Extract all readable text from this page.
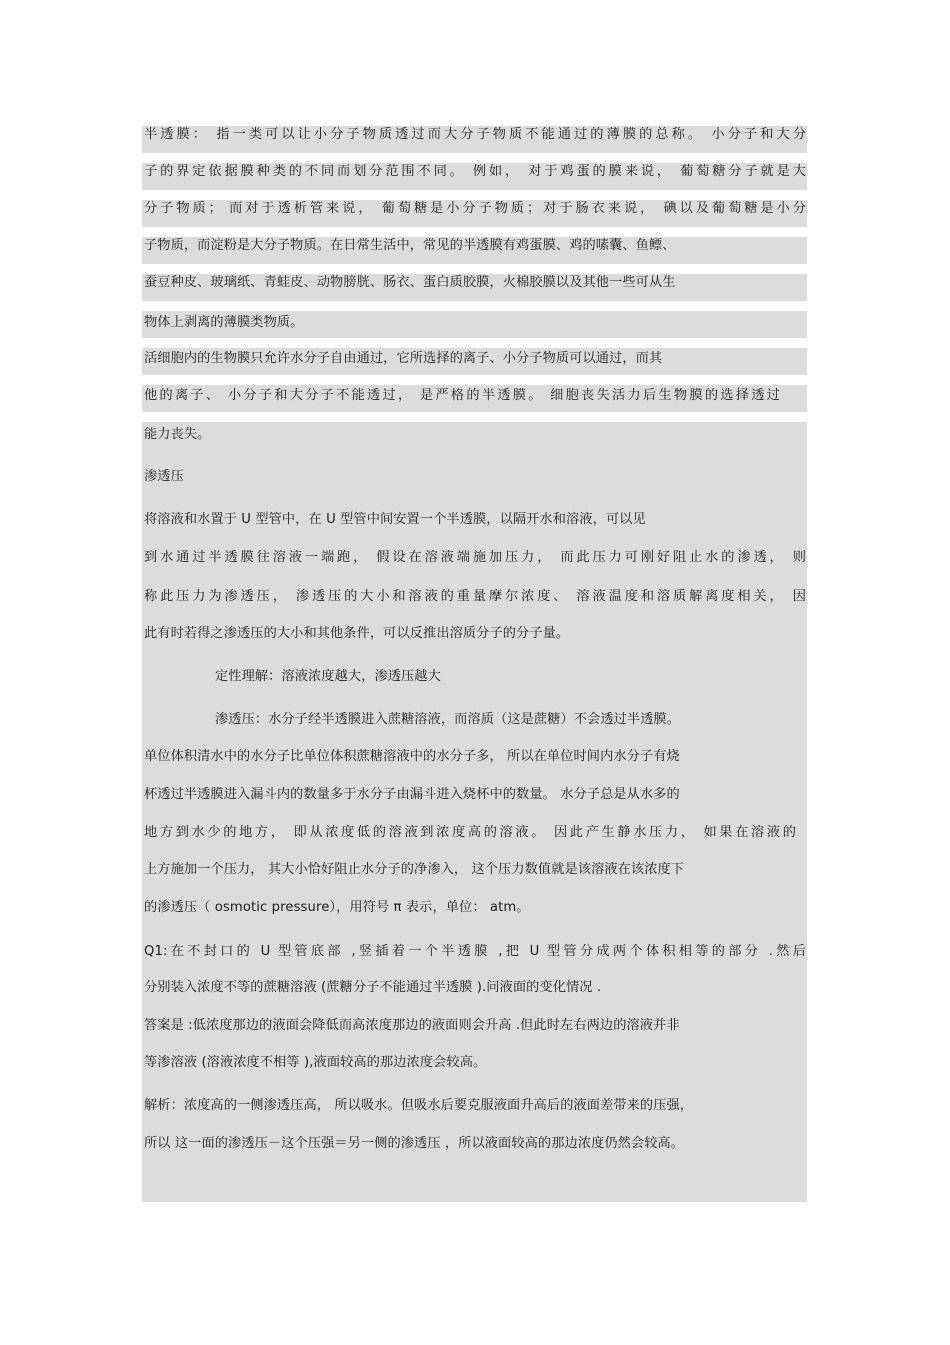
半透膜： 指一类可以让小分子物质透过而大分子物质不能通过的薄膜的总称。 小分子和大分
子的界定依据膜种类的不同而划分范围不同。 例如， 对于鸡蛋的膜来说， 葡萄糖分子就是大
分子物质； 而对于透析管来说， 葡萄糖是小分子物质；对于肠衣来说， 碘以及葡萄糖是小分
子物质，而淀粉是大分子物质。在日常生活中，常见的半透膜有鸡蛋膜、鸡的嗉囊、鱼鳔、
蚕豆种皮、玻璃纸、青蛙皮、动物膀胱、肠衣、蛋白质胶膜，火棉胶膜以及其他一些可从生
物体上剥离的薄膜类物质。
活细胞内的生物膜只允许水分子自由通过，它所选择的离子、小分子物质可以通过，而其
他的离子、 小分子和大分子不能透过， 是严格的半透膜。 细胞丧失活力后生物膜的选择透过
能力丧失。
渗透压
将溶液和水置于 U 型管中，在 U 型管中间安置一个半透膜，以隔开水和溶液，可以见
到水通过半透膜往溶液一端跑， 假设在溶液端施加压力， 而此压力可刚好阻止水的渗透， 则
称此压力为渗透压， 渗透压的大小和溶液的重量摩尔浓度、 溶液温度和溶质解离度相关， 因
此有时若得之渗透压的大小和其他条件，可以反推出溶质分子的分子量。
定性理解：溶液浓度越大，渗透压越大
渗透压：水分子经半透膜进入蔗糖溶液，而溶质（这是蔗糖）不会透过半透膜。
单位体积清水中的水分子比单位体积蔗糖溶液中的水分子多， 所以在单位时间内水分子有烧
杯透过半透膜进入漏斗内的数量多于水分子由漏斗进入烧杯中的数量。 水分子总是从水多的
地方到水少的地方， 即从浓度低的溶液到浓度高的溶液。 因此产生静水压力， 如果在溶液的
上方施加一个压力， 其大小恰好阻止水分子的净渗入， 这个压力数值就是该溶液在该浓度下
的渗透压（ osmotic pressure），用符号 π 表示，单位： atm。
Q1:在不封口的 U 型管底部 ,竖插着一个半透膜 ,把 U 型管分成两个体积相等的部分 .然后
分别装入浓度不等的蔗糖溶液 (蔗糖分子不能通过半透膜 ).问液面的变化情况 .
答案是 :低浓度那边的液面会降低而高浓度那边的液面则会升高 .但此时左右两边的溶液并非
等渗溶液 (溶液浓度不相等 ),液面较高的那边浓度会较高。
解析：浓度高的一侧渗透压高， 所以吸水。但吸水后要克服液面升高后的液面差带来的压强，
所以 这一面的渗透压－这个压强＝另一侧的渗透压 ，所以液面较高的那边浓度仍然会较高。
